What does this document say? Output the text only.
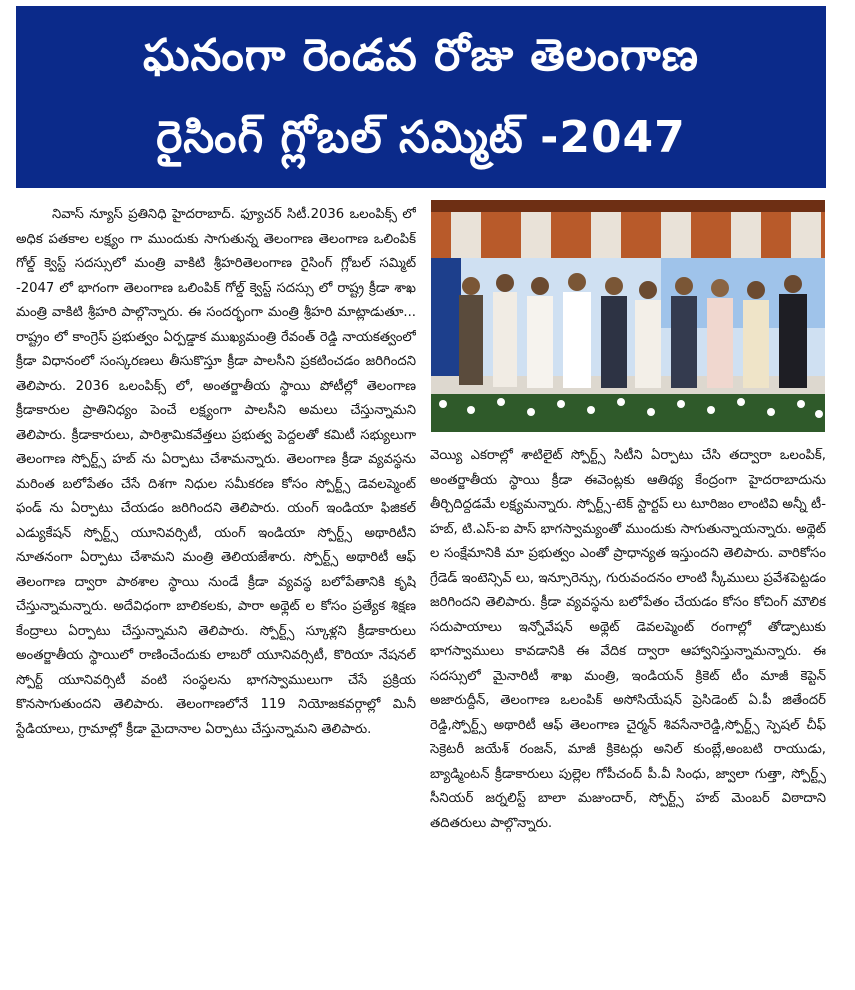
ఘనంగా రెండవ రోజు తెలంగాణ
రైసింగ్ గ్లోబల్ సమ్మిట్ -2047

నివాస్ న్యూస్ ప్రతినిధి హైదరాబాద్. ఫ్యూచర్ సిటీ.2036 ఒలంపిక్స్ లో అధిక పతకాల లక్ష్యం గా ముందుకు సాగుతున్న తెలంగాణ తెలంగాణ ఒలింపిక్ గోల్డ్ క్వెస్ట్ సదస్సులో మంత్రి వాకిటి శ్రీహరితెలంగాణ రైసింగ్ గ్లోబల్ సమ్మిట్ -2047 లో భాగంగా తెలంగాణ ఒలింపిక్ గోల్డ్ క్వెస్ట్ సదస్సు లో రాష్ట్ర క్రీడా శాఖ మంత్రి వాకిటి శ్రీహరి పాల్గొన్నారు. ఈ సందర్భంగా మంత్రి శ్రీహరి మాట్లాడుతూ... రాష్ట్రం లో కాంగ్రెస్ ప్రభుత్వం ఏర్పడ్డాక ముఖ్యమంత్రి రేవంత్ రెడ్డి నాయకత్వంలో క్రీడా విధానంలో సంస్కరణలు తీసుకొస్తూ క్రీడా పాలసీని ప్రకటించడం జరిగిందని తెలిపారు. 2036 ఒలంపిక్స్ లో, అంతర్జాతీయ స్థాయి పోటీల్లో తెలంగాణ క్రీడాకారుల ప్రాతినిధ్యం పెంచే లక్ష్యంగా పాలసీని అమలు చేస్తున్నామని తెలిపారు. క్రీడాకారులు, పారిశ్రామికవేత్తలు ప్రభుత్వ పెద్దలతో కమిటీ సభ్యులుగా తెలంగాణ స్పోర్ట్స్ హబ్ ను ఏర్పాటు చేశామన్నారు. తెలంగాణ క్రీడా వ్యవస్థను మరింత బలోపేతం చేసే దిశగా నిధుల సమీకరణ కోసం స్పోర్ట్స్ డెవలప్మెంట్ ఫండ్ ను ఏర్పాటు చేయడం జరిగిందని తెలిపారు. యంగ్ ఇండియా ఫిజికల్ ఎడ్యుకేషన్ స్పోర్ట్స్ యూనివర్సిటీ, యంగ్ ఇండియా స్పోర్ట్స్ అథారిటీని నూతనంగా ఏర్పాటు చేశామని మంత్రి తెలియజేశారు. స్పోర్ట్స్ అథారిటీ ఆఫ్ తెలంగాణ ద్వారా పాఠశాల స్థాయి నుండే క్రీడా వ్యవస్థ బలోపేతానికి కృషి చేస్తున్నామన్నారు. అదేవిధంగా బాలికలకు, పారా అథ్లెట్ ల కోసం ప్రత్యేక శిక్షణ కేంద్రాలు ఏర్పాటు చేస్తున్నామని తెలిపారు. స్పోర్ట్స్ స్కూళ్లని క్రీడాకారులు అంతర్జాతీయ స్థాయిలో రాణించేందుకు లాబరో యూనివర్సిటీ, కొరియా నేషనల్ స్పోర్ట్ యూనివర్సిటీ వంటి సంస్థలను భాగస్వాములుగా చేసే ప్రక్రియ కొనసాగుతుందని తెలిపారు. తెలంగాణలోనే 119 నియోజకవర్గాల్లో మినీ స్టేడియాలు, గ్రామాల్లో క్రీడా మైదానాల ఏర్పాటు చేస్తున్నామని తెలిపారు.

వెయ్యి ఎకరాల్లో శాటిలైట్ స్పోర్ట్స్ సిటీని ఏర్పాటు చేసి తద్వారా ఒలంపిక్, అంతర్జాతీయ స్థాయి క్రీడా ఈవెంట్లకు ఆతిథ్య కేంద్రంగా హైదరాబాదును తీర్చిదిద్దడమే లక్ష్యమన్నారు. స్పోర్ట్స్-టెక్ స్టార్టప్ లు టూరిజం లాంటివి అన్నీ టీ- హబ్, టి.ఎస్-ఐ పాస్ భాగస్వామ్యంతో ముందుకు సాగుతున్నాయన్నారు. అథ్లెట్ ల సంక్షేమానికి మా ప్రభుత్వం ఎంతో ప్రాధాన్యత ఇస్తుందని తెలిపారు. వారికోసం గ్రేడెడ్ ఇంటెన్సివ్ లు, ఇన్సూరెన్సు, గురువందనం లాంటి స్కీములు ప్రవేశపెట్టడం జరిగిందని తెలిపారు. క్రీడా వ్యవస్థను బలోపేతం చేయడం కోసం కోచింగ్ మౌలిక సదుపాయాలు ఇన్నోవేషన్ అథ్లెట్ డెవలప్మెంట్ రంగాల్లో తోడ్పాటుకు భాగస్వాములు కావడానికి ఈ వేదిక ద్వారా ఆహ్వానిస్తున్నామన్నారు. ఈ సదస్సులో మైనారిటీ శాఖ మంత్రి, ఇండియన్ క్రికెట్ టీం మాజీ కెప్టెన్ అజారుద్దీన్, తెలంగాణ ఒలంపిక్ అసోసియేషన్ ప్రెసిడెంట్ ఏ.పీ జితేందర్ రెడ్డి,స్పోర్ట్స్ అథారిటీ ఆఫ్ తెలంగాణ చైర్మన్ శివసేనారెడ్డి,స్పోర్ట్స్ స్పెషల్ చీఫ్ సెక్రెటరీ జయేశ్ రంజన్, మాజీ క్రికెటర్లు అనిల్ కుంబ్లే,అంబటి రాయుడు, బ్యాడ్మింటన్ క్రీడాకారులు పుల్లెల గోపీచంద్ పీ.వీ సింధు, జ్వాలా గుత్తా, స్పోర్ట్స్ సీనియర్ జర్నలిస్ట్ బాలా మజుందార్, స్పోర్ట్స్ హబ్ మెంబర్ విఠాదాని తదితరులు పాల్గొన్నారు.
